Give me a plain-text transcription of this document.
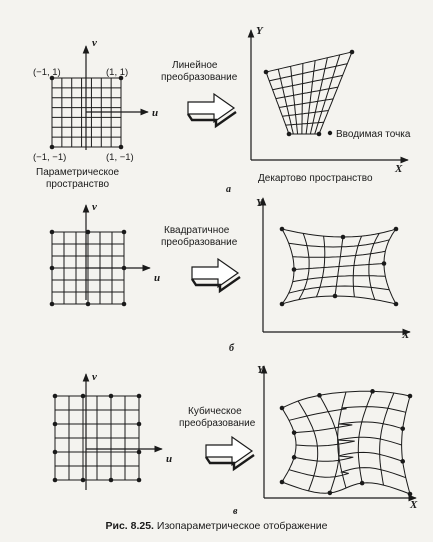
v
u
(−1, 1)	(1, 1)
(−1, −1)	(1, −1)
Параметрическое
пространство
Линейное
преобразование
Y
X
Вводимая точка
Декартово пространство
а
v
u
Квадратичное
преобразование
Y
X
б
v
u
Кубическое
преобразование
Y
X
в
Рис. 8.25. Изопараметрическое отображение
